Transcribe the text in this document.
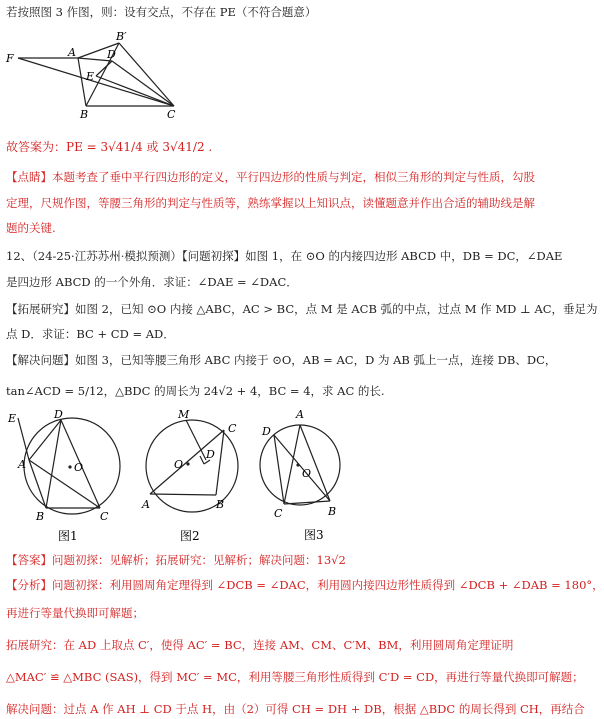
若按照图 3 作图，则：设有交点，不存在 PE（不符合题意）
F	A
B′
D
E
B	C
故答案为：PE = 3√41/4 或 3√41/2 .
【点睛】本题考查了垂中平行四边形的定义，平行四边形的性质与判定，相似三角形的判定与性质，勾股
定理，尺规作图，等腰三角形的判定与性质等，熟练掌握以上知识点，读懂题意并作出合适的辅助线是解
题的关键.
12、（24-25·江苏苏州·模拟预测）【问题初探】如图 1，在 ⊙O 的内接四边形 ABCD 中，DB = DC，∠DAE
是四边形 ABCD 的一个外角．求证：∠DAE = ∠DAC．
【拓展研究】如图 2，已知 ⊙O 内接 △ABC，AC > BC，点 M 是 ACB 弧的中点，过点 M 作 MD ⊥ AC，垂足为
点 D．求证：BC + CD = AD．
【解决问题】如图 3，已知等腰三角形 ABC 内接于 ⊙O，AB = AC，D 为 AB 弧上一点，连接 DB、DC，
tan∠ACD = 5/12，△BDC 的周长为 24√2 + 4，BC = 4，求 AC 的长.
E	D
A	O
B	C
图1
M
D
O
C
A	B
图2
A
D
O
C	B
图3
【答案】问题初探：见解析；拓展研究：见解析；解决问题：13√2
【分析】问题初探：利用圆周角定理得到 ∠DCB = ∠DAC，利用圆内接四边形性质得到 ∠DCB + ∠DAB = 180°，
再进行等量代换即可解题；
拓展研究：在 AD 上取点 C′，使得 AC′ = BC，连接 AM、CM、C′M、BM，利用圆周角定理证明
△MAC′ ≌ △MBC (SAS)，得到 MC′ = MC，利用等腰三角形性质得到 C′D = CD，再进行等量代换即可解题；
解决问题：过点 A 作 AH ⊥ CD 于点 H，由（2）可得 CH = DH + DB，根据 △BDC 的周长得到 CH，再结合
